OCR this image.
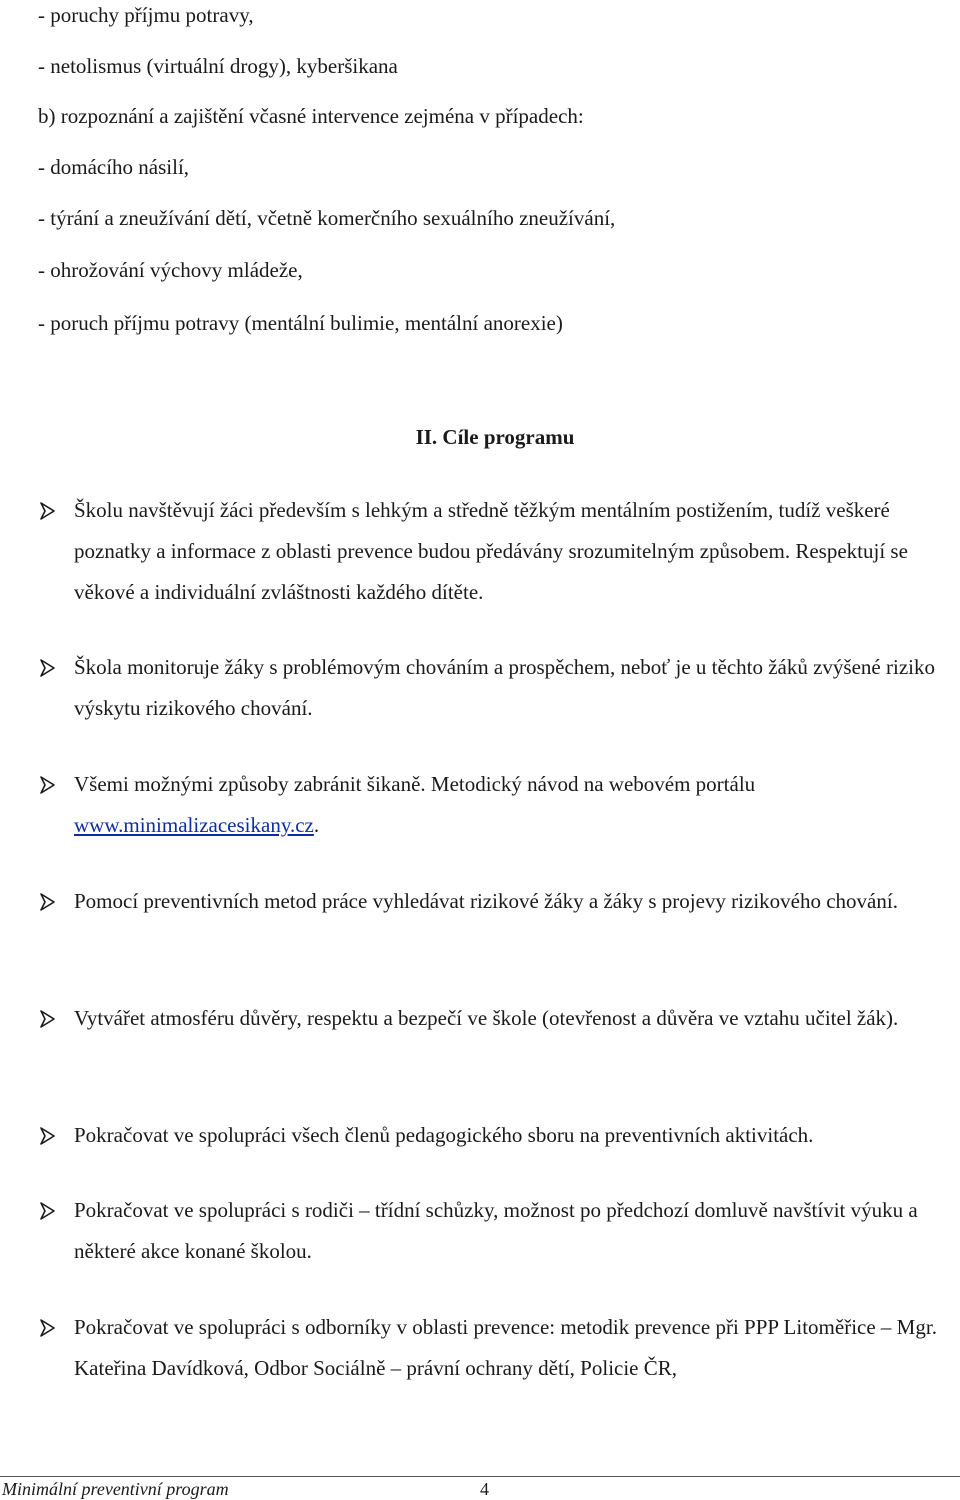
- poruchy příjmu potravy,
- netolismus (virtuální drogy), kyberšikana
b) rozpoznání a zajištění včasné intervence zejména v případech:
- domácího násilí,
- týrání a zneužívání dětí, včetně komerčního sexuálního zneužívání,
- ohrožování výchovy mládeže,
- poruch příjmu potravy (mentální bulimie, mentální anorexie)
II. Cíle programu
Školu navštěvují žáci především s lehkým a středně těžkým mentálním postižením, tudíž veškeré poznatky a informace z oblasti prevence budou předávány srozumitelným způsobem. Respektují se věkové a individuální zvláštnosti každého dítěte.
Škola monitoruje žáky s problémovým chováním a prospěchem, neboť je u těchto žáků zvýšené riziko výskytu rizikového chování.
Všemi možnými způsoby zabránit šikaně. Metodický návod na webovém portálu www.minimalizacesikany.cz.
Pomocí preventivních metod práce vyhledávat rizikové žáky a žáky s projevy rizikového chování.
Vytvářet atmosféru důvěry, respektu a bezpečí ve škole (otevřenost a důvěra ve vztahu učitel žák).
Pokračovat ve spolupráci všech členů pedagogického sboru na preventivních aktivitách.
Pokračovat ve spolupráci s rodiči – třídní schůzky, možnost po předchozí domluvě navštívit výuku a některé akce konané školou.
Pokračovat ve spolupráci s odborníky v oblasti prevence: metodik prevence při PPP Litoměřice – Mgr. Kateřina Davídková, Odbor Sociálně – právní ochrany dětí, Policie ČR,
Minimální preventivní program	4
